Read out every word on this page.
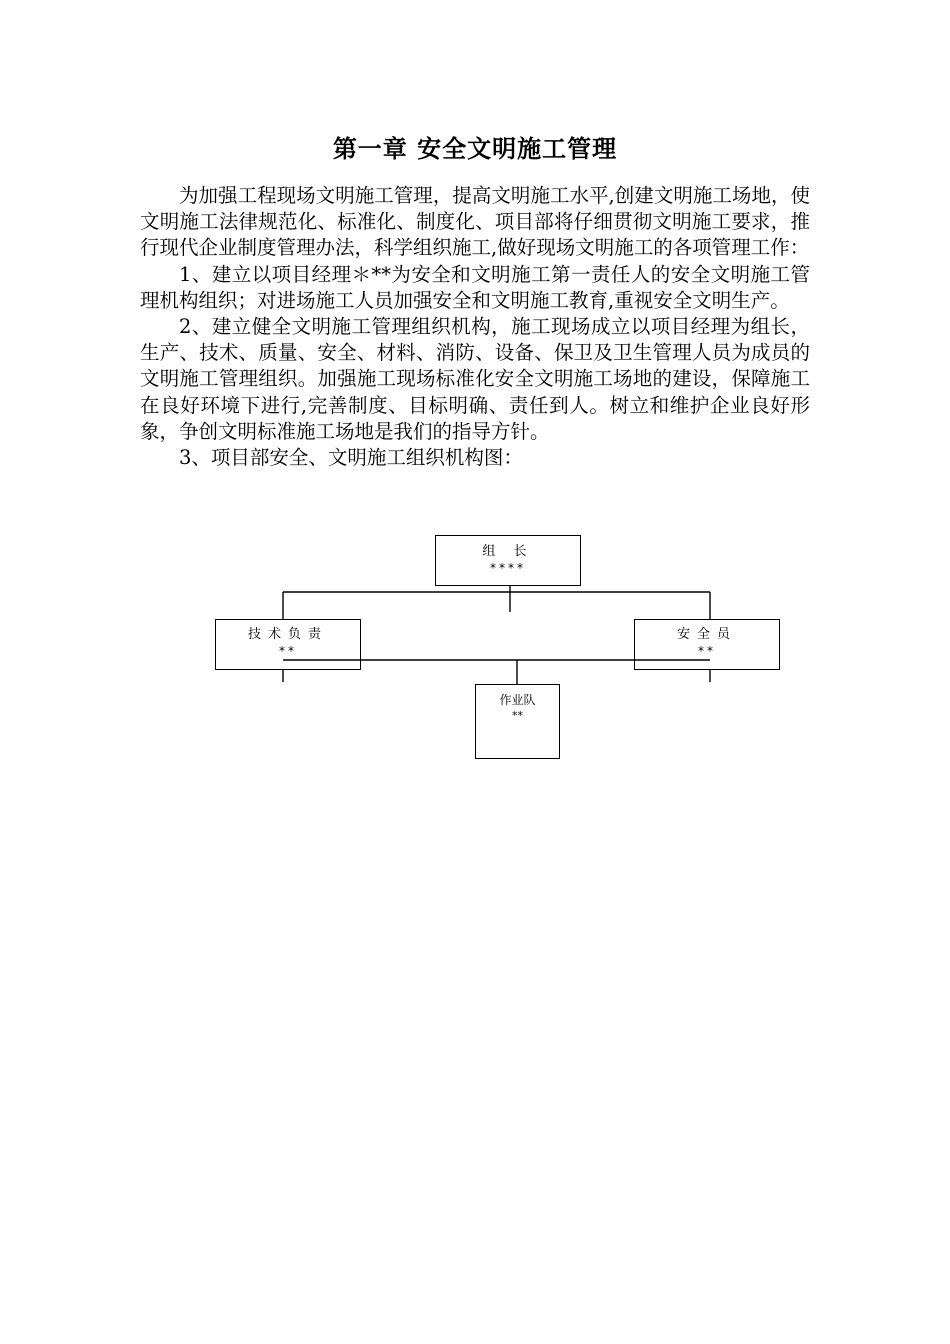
第一章 安全文明施工管理

为加强工程现场文明施工管理，提高文明施工水平,创建文明施工场地，使文明施工法律规范化、标准化、制度化、项目部将仔细贯彻文明施工要求，推行现代企业制度管理办法，科学组织施工,做好现场文明施工的各项管理工作：

1、建立以项目经理＊**为安全和文明施工第一责任人的安全文明施工管理机构组织；对进场施工人员加强安全和文明施工教育,重视安全文明生产。

2、建立健全文明施工管理组织机构，施工现场成立以项目经理为组长，生产、技术、质量、安全、材料、消防、设备、保卫及卫生管理人员为成员的文明施工管理组织。加强施工现场标准化安全文明施工场地的建设，保障施工在良好环境下进行,完善制度、目标明确、责任到人。树立和维护企业良好形象，争创文明标准施工场地是我们的指导方针。

3、项目部安全、文明施工组织机构图：

组 长
****
技术负责
**
安全员
**
作业队
**
